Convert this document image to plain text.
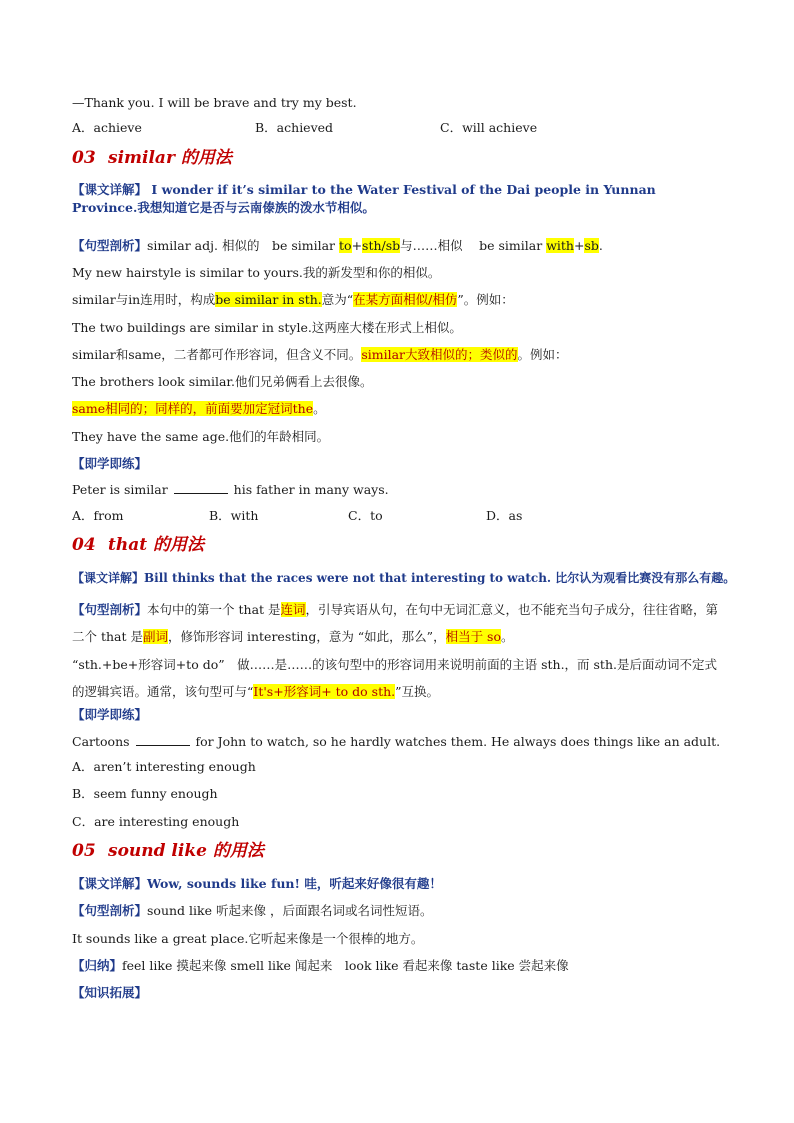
—Thank you. I will be brave and try my best.
A．achieve	B．achieved	C．will achieve
03 similar 的用法
【课文详解】 I wonder if it’s similar to the Water Festival of the Dai people in Yunnan Province.我想知道它是否与云南傣族的泼水节相似。
【句型剖析】similar adj. 相似的　be similar to+sth/sb与……相似　 be similar with+sb.
My new hairstyle is similar to yours.我的新发型和你的相似。
similar与in连用时，构成be similar in sth.意为“在某方面相似/相仿”。例如：
The two buildings are similar in style.这两座大楼在形式上相似。
similar和same，二者都可作形容词，但含义不同。similar大致相似的；类似的。例如：
The brothers look similar.他们兄弟俩看上去很像。
same相同的；同样的，前面要加定冠词the。
They have the same age.他们的年龄相同。
【即学即练】
Peter is similar	his father in many ways.
A．from	B．with	C．to	D．as
04 that 的用法
【课文详解】Bill thinks that the races were not that interesting to watch. 比尔认为观看比赛没有那么有趣。
【句型剖析】本句中的第一个 that 是连词，引导宾语从句，在句中无词汇意义，也不能充当句子成分，往往省略，第二个 that 是副词，修饰形容词 interesting，意为 “如此，那么”，相当于 so。
“sth.+be+形容词+to do”　做……是……的该句型中的形容词用来说明前面的主语 sth.，而 sth.是后面动词不定式的逻辑宾语。通常，该句型可与“It's+形容词+ to do sth.”互换。
【即学即练】
Cartoons	for John to watch, so he hardly watches them. He always does things like an adult.
A．aren’t interesting enough
B．seem funny enough
C．are interesting enough
05 sound like 的用法
【课文详解】Wow, sounds like fun! 哇，听起来好像很有趣！
【句型剖析】sound like 听起来像 ，后面跟名词或名词性短语。
It sounds like a great place.它听起来像是一个很棒的地方。
【归纳】feel like 摸起来像 smell like 闻起来　look like 看起来像 taste like 尝起来像
【知识拓展】
